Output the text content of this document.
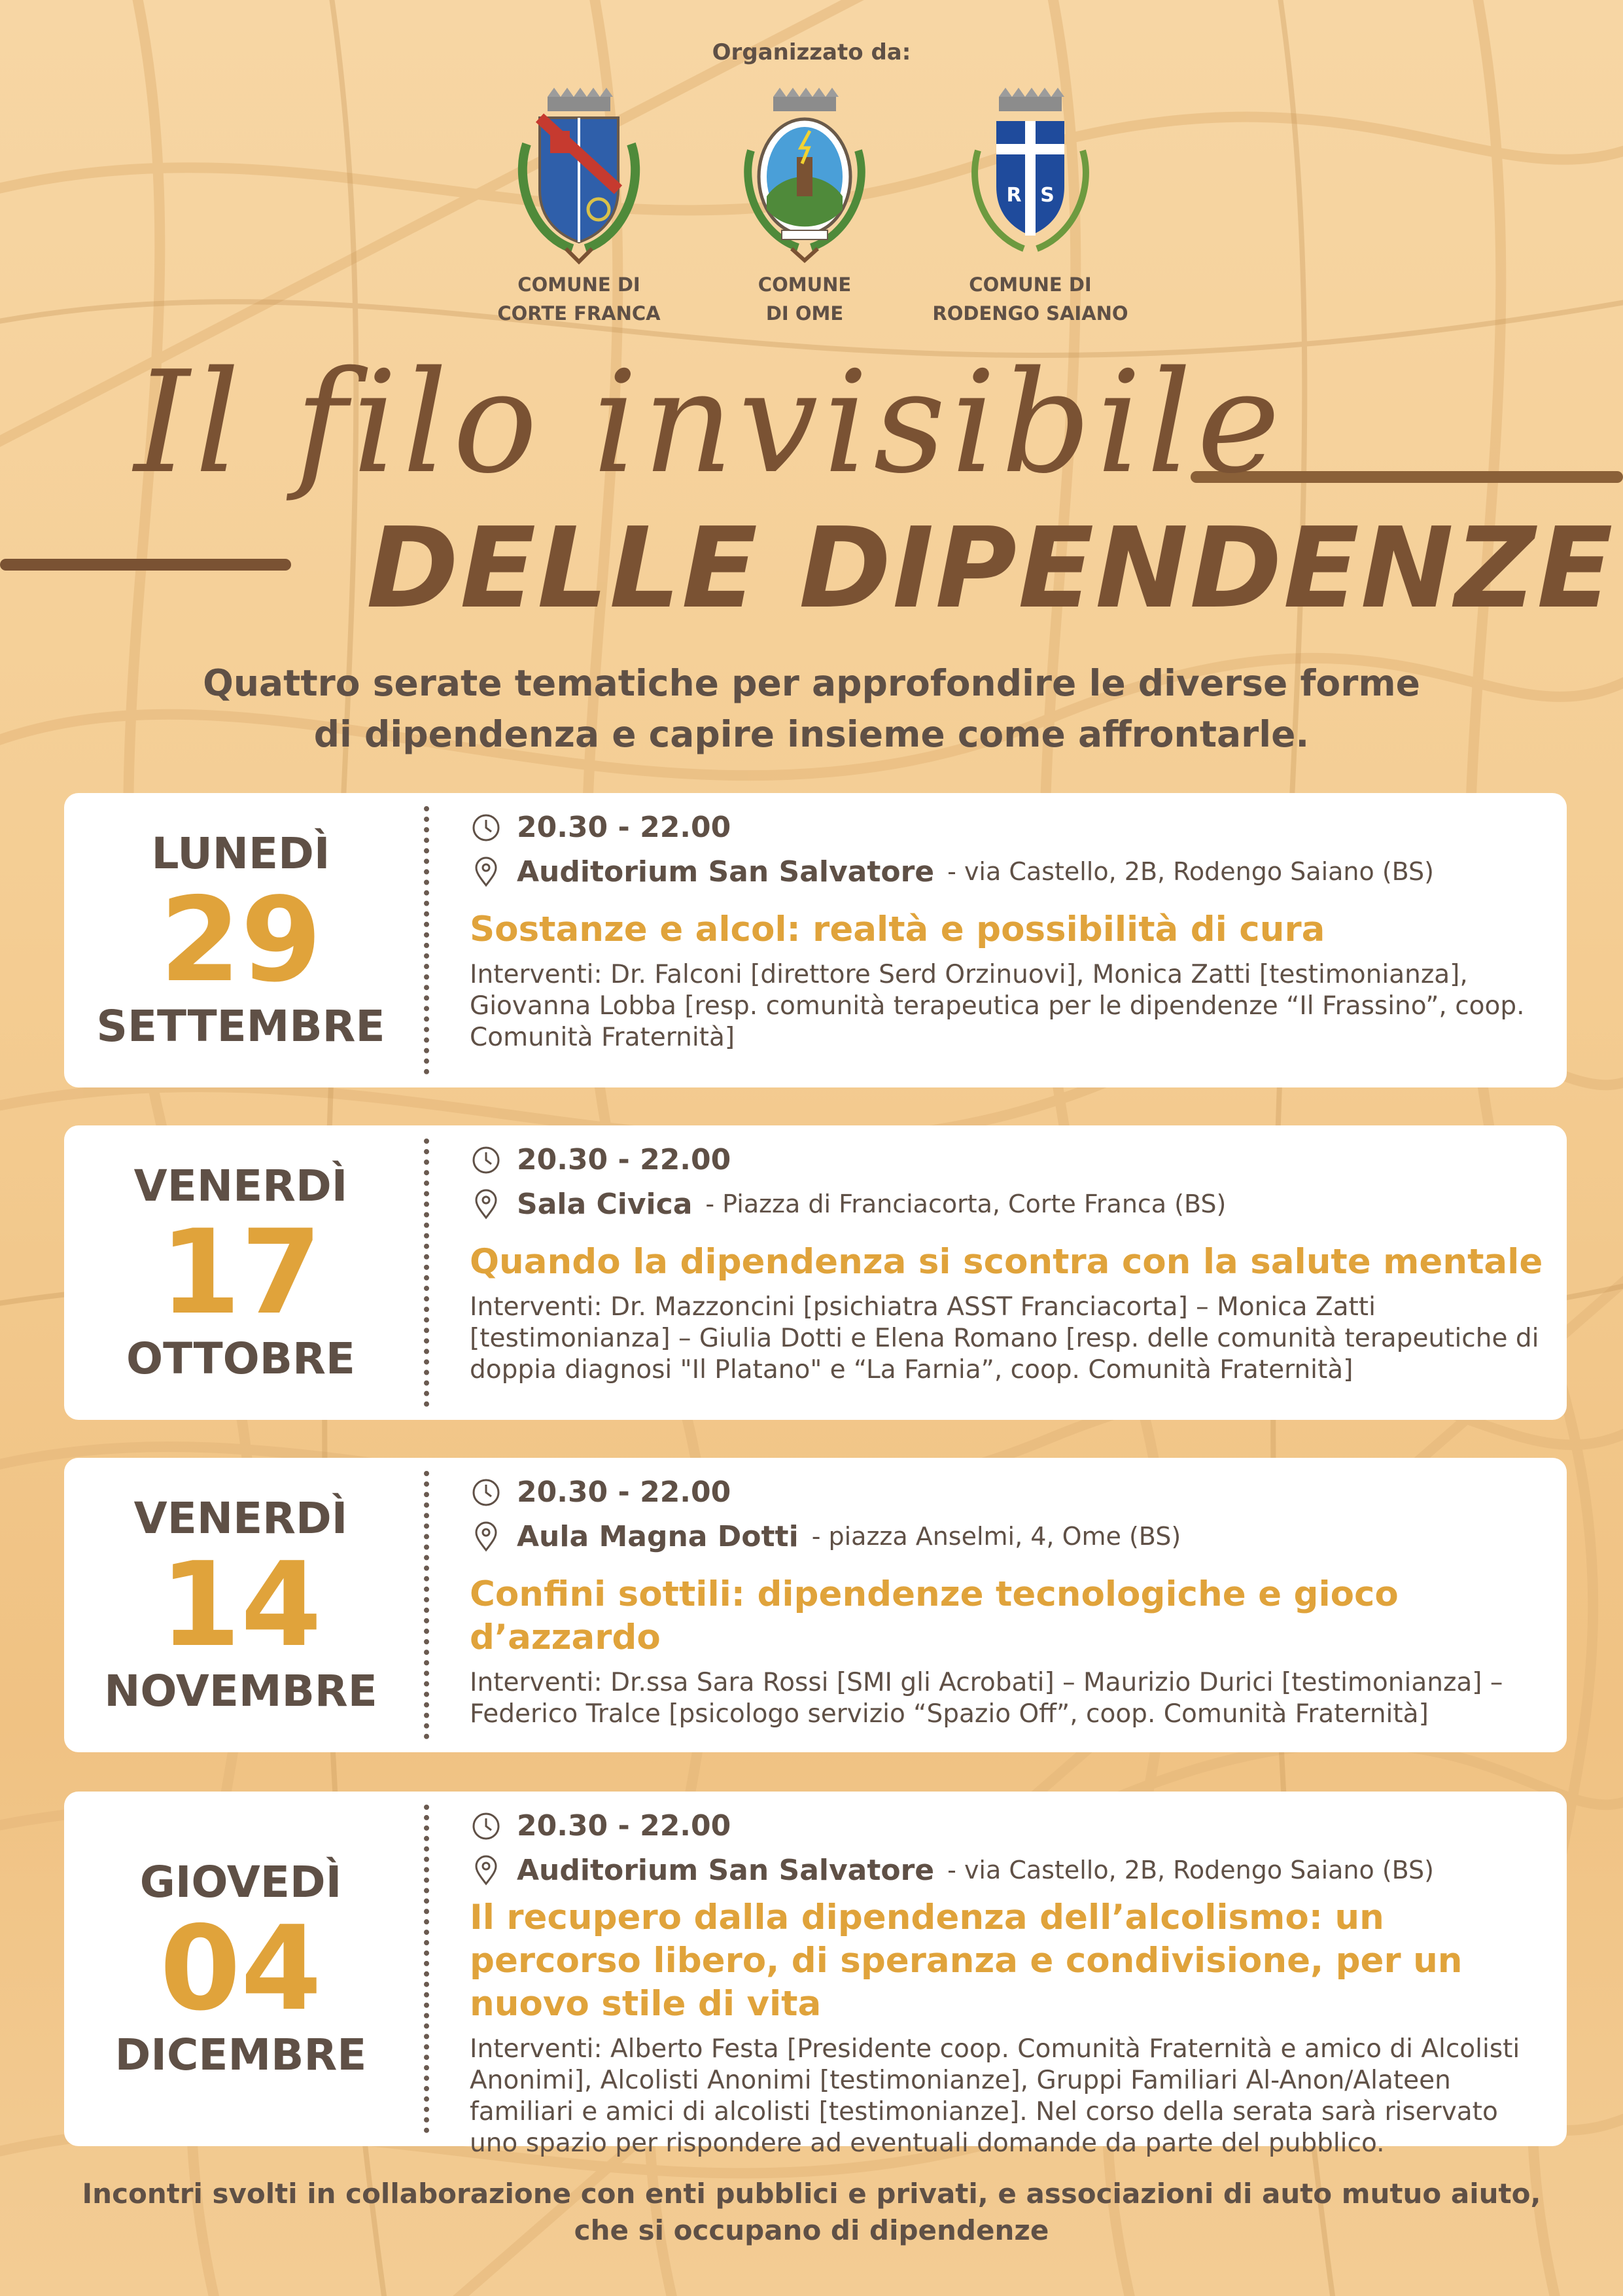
Organizzato da:
COMUNE DI
CORTE FRANCA
COMUNE
DI OME
R S
COMUNE DI
RODENGO SAIANO
Il filo invisibile
DELLE DIPENDENZE
Quattro serate tematiche per approfondire le diverse forme
di dipendenza e capire insieme come affrontarle.
LUNEDÌ
29
SETTEMBRE
20.30 - 22.00
Auditorium San Salvatore - via Castello, 2B, Rodengo Saiano (BS)
Sostanze e alcol: realtà e possibilità di cura
Interventi: Dr. Falconi [direttore Serd Orzinuovi], Monica Zatti [testimonianza], Giovanna Lobba [resp. comunità terapeutica per le dipendenze “Il Frassino”, coop. Comunità Fraternità]
VENERDÌ
17
OTTOBRE
20.30 - 22.00
Sala Civica - Piazza di Franciacorta, Corte Franca (BS)
Quando la dipendenza si scontra con la salute mentale
Interventi: Dr. Mazzoncini [psichiatra ASST Franciacorta] – Monica Zatti [testimonianza] – Giulia Dotti e Elena Romano [resp. delle comunità terapeutiche di doppia diagnosi "Il Platano" e “La Farnia”, coop. Comunità Fraternità]
VENERDÌ
14
NOVEMBRE
20.30 - 22.00
Aula Magna Dotti - piazza Anselmi, 4, Ome (BS)
Confini sottili: dipendenze tecnologiche e gioco d’azzardo
Interventi: Dr.ssa Sara Rossi [SMI gli Acrobati] – Maurizio Durici [testimonianza] – Federico Tralce [psicologo servizio “Spazio Off”, coop. Comunità Fraternità]
GIOVEDÌ
04
DICEMBRE
20.30 - 22.00
Auditorium San Salvatore - via Castello, 2B, Rodengo Saiano (BS)
Il recupero dalla dipendenza dell’alcolismo: un percorso libero, di speranza e condivisione, per un nuovo stile di vita
Interventi: Alberto Festa [Presidente coop. Comunità Fraternità e amico di Alcolisti Anonimi], Alcolisti Anonimi [testimonianze], Gruppi Familiari Al-Anon/Alateen familiari e amici di alcolisti [testimonianze]. Nel corso della serata sarà riservato uno spazio per rispondere ad eventuali domande da parte del pubblico.
Incontri svolti in collaborazione con enti pubblici e privati, e associazioni di auto mutuo aiuto,
che si occupano di dipendenze
